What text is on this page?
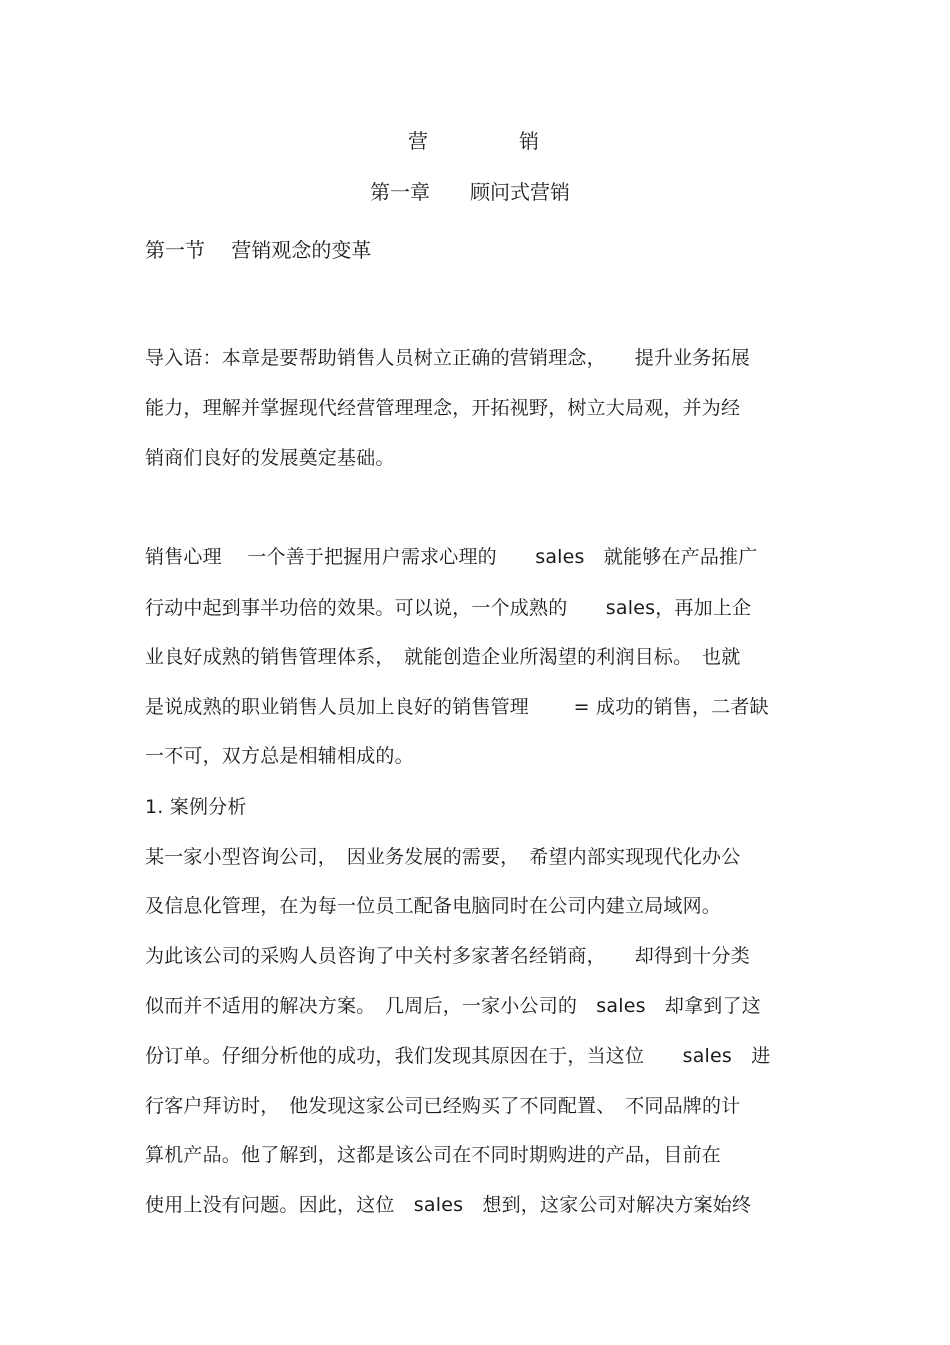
营	销
第一章　　顾问式营销
第一节　 营销观念的变革
导入语：本章是要帮助销售人员树立正确的营销理念，　　提升业务拓展
能力，理解并掌握现代经营管理理念，开拓视野，树立大局观，并为经
销商们良好的发展奠定基础。
销售心理　 一个善于把握用户需求心理的　　sales　就能够在产品推广
行动中起到事半功倍的效果。可以说，一个成熟的　　sales，再加上企
业良好成熟的销售管理体系，　就能创造企业所渴望的利润目标。　也就
是说成熟的职业销售人员加上良好的销售管理　　 = 成功的销售，二者缺
一不可，双方总是相辅相成的。
1. 案例分析
某一家小型咨询公司，　因业务发展的需要，　希望内部实现现代化办公
及信息化管理，在为每一位员工配备电脑同时在公司内建立局域网。
为此该公司的采购人员咨询了中关村多家著名经销商，　　却得到十分类
似而并不适用的解决方案。　几周后，一家小公司的　sales　却拿到了这
份订单。仔细分析他的成功，我们发现其原因在于，当这位　　sales　进
行客户拜访时，　他发现这家公司已经购买了不同配置、　不同品牌的计
算机产品。他了解到，这都是该公司在不同时期购进的产品，目前在
使用上没有问题。因此，这位　sales　想到，这家公司对解决方案始终
